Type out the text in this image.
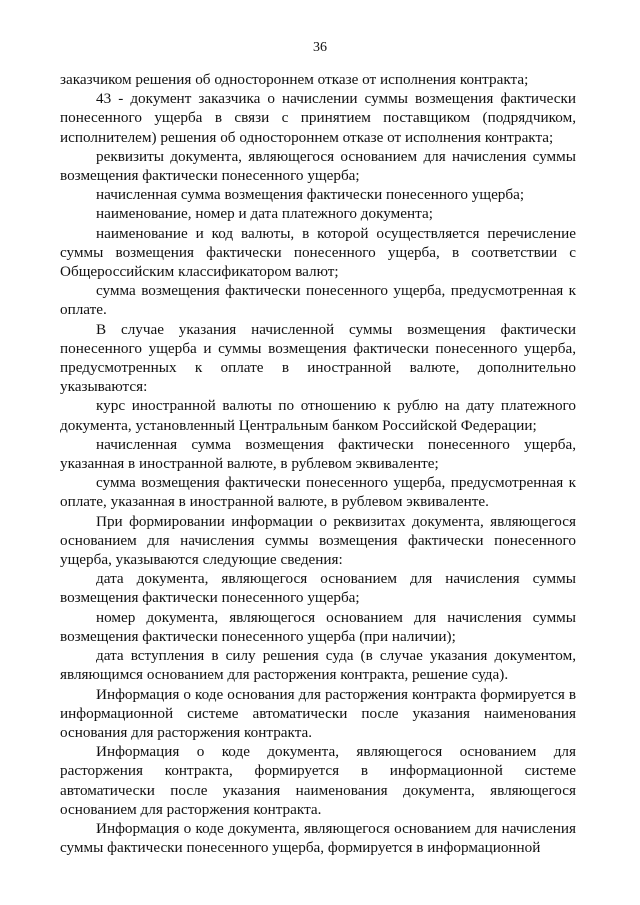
36

заказчиком решения об одностороннем отказе от исполнения контракта;

43 - документ заказчика о начислении суммы возмещения фактически понесенного ущерба в связи с принятием поставщиком (подрядчиком, исполнителем) решения об одностороннем отказе от исполнения контракта;

реквизиты документа, являющегося основанием для начисления суммы возмещения фактически понесенного ущерба;

начисленная сумма возмещения фактически понесенного ущерба;

наименование, номер и дата платежного документа;

наименование и код валюты, в которой осуществляется перечисление суммы возмещения фактически понесенного ущерба, в соответствии с Общероссийским классификатором валют;

сумма возмещения фактически понесенного ущерба, предусмотренная к оплате.

В случае указания начисленной суммы возмещения фактически понесенного ущерба и суммы возмещения фактически понесенного ущерба, предусмотренных к оплате в иностранной валюте, дополнительно указываются:

курс иностранной валюты по отношению к рублю на дату платежного документа, установленный Центральным банком Российской Федерации;

начисленная сумма возмещения фактически понесенного ущерба, указанная в иностранной валюте, в рублевом эквиваленте;

сумма возмещения фактически понесенного ущерба, предусмотренная к оплате, указанная в иностранной валюте, в рублевом эквиваленте.

При формировании информации о реквизитах документа, являющегося основанием для начисления суммы возмещения фактически понесенного ущерба, указываются следующие сведения:

дата документа, являющегося основанием для начисления суммы возмещения фактически понесенного ущерба;

номер документа, являющегося основанием для начисления суммы возмещения фактически понесенного ущерба (при наличии);

дата вступления в силу решения суда (в случае указания документом, являющимся основанием для расторжения контракта, решение суда).

Информация о коде основания для расторжения контракта формируется в информационной системе автоматически после указания наименования основания для расторжения контракта.

Информация о коде документа, являющегося основанием для расторжения контракта, формируется в информационной системе автоматически после указания наименования документа, являющегося основанием для расторжения контракта.

Информация о коде документа, являющегося основанием для начисления суммы фактически понесенного ущерба, формируется в информационной
